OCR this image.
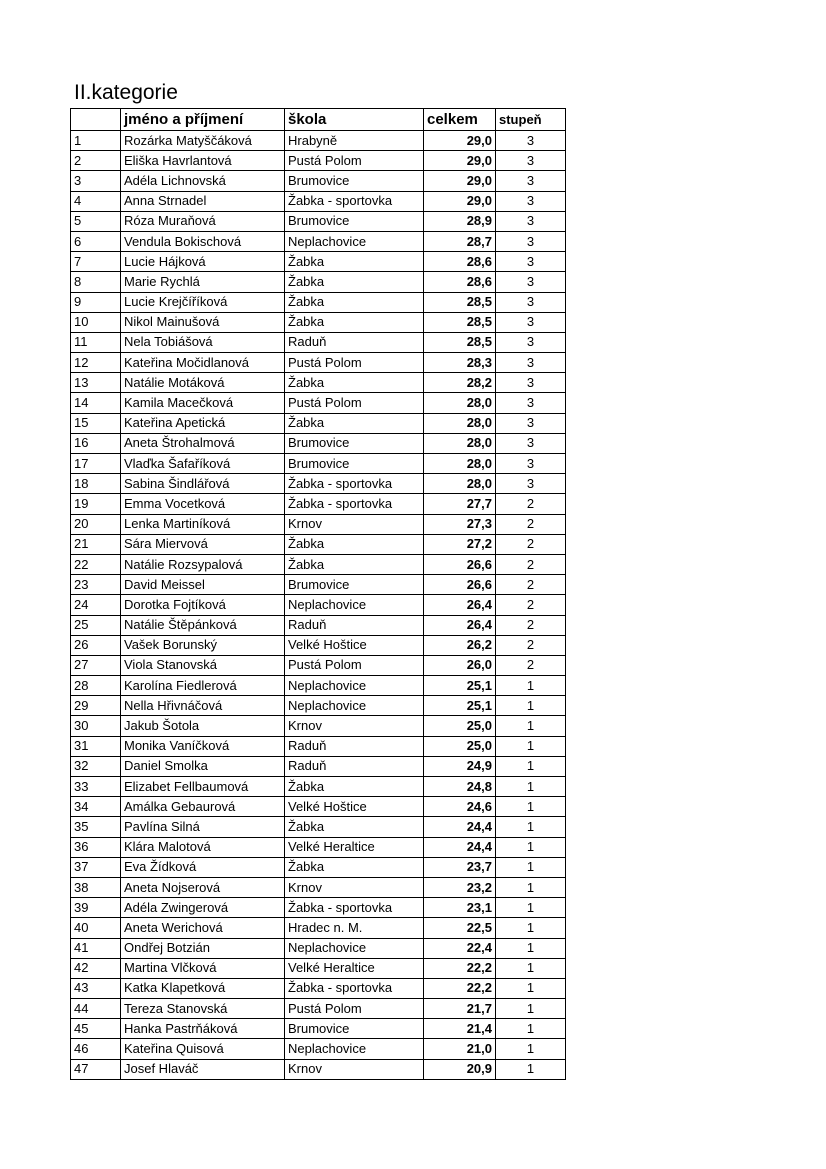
II.kategorie
	jméno a příjmení	škola	celkem	stupeň
1	Rozárka Matyščáková	Hrabyně	29,0	3
2	Eliška Havrlantová	Pustá Polom	29,0	3
3	Adéla Lichnovská	Brumovice	29,0	3
4	Anna Strnadel	Žabka - sportovka	29,0	3
5	Róza Muraňová	Brumovice	28,9	3
6	Vendula Bokischová	Neplachovice	28,7	3
7	Lucie Hájková	Žabka	28,6	3
8	Marie Rychlá	Žabka	28,6	3
9	Lucie Krejčíříková	Žabka	28,5	3
10	Nikol Mainušová	Žabka	28,5	3
11	Nela Tobiášová	Raduň	28,5	3
12	Kateřina Močidlanová	Pustá Polom	28,3	3
13	Natálie Motáková	Žabka	28,2	3
14	Kamila Macečková	Pustá Polom	28,0	3
15	Kateřina Apetická	Žabka	28,0	3
16	Aneta Štrohalmová	Brumovice	28,0	3
17	Vlaďka Šafaříková	Brumovice	28,0	3
18	Sabina Šindlářová	Žabka - sportovka	28,0	3
19	Emma Vocetková	Žabka - sportovka	27,7	2
20	Lenka Martiníková	Krnov	27,3	2
21	Sára Miervová	Žabka	27,2	2
22	Natálie Rozsypalová	Žabka	26,6	2
23	David Meissel	Brumovice	26,6	2
24	Dorotka Fojtíková	Neplachovice	26,4	2
25	Natálie Štěpánková	Raduň	26,4	2
26	Vašek Borunský	Velké Hoštice	26,2	2
27	Viola Stanovská	Pustá Polom	26,0	2
28	Karolína Fiedlerová	Neplachovice	25,1	1
29	Nella Hřivnáčová	Neplachovice	25,1	1
30	Jakub Šotola	Krnov	25,0	1
31	Monika Vaníčková	Raduň	25,0	1
32	Daniel Smolka	Raduň	24,9	1
33	Elizabet Fellbaumová	Žabka	24,8	1
34	Amálka Gebaurová	Velké Hoštice	24,6	1
35	Pavlína Silná	Žabka	24,4	1
36	Klára Malotová	Velké Heraltice	24,4	1
37	Eva Žídková	Žabka	23,7	1
38	Aneta Nojserová	Krnov	23,2	1
39	Adéla Zwingerová	Žabka - sportovka	23,1	1
40	Aneta Werichová	Hradec n. M.	22,5	1
41	Ondřej Botzián	Neplachovice	22,4	1
42	Martina Vlčková	Velké Heraltice	22,2	1
43	Katka Klapetková	Žabka - sportovka	22,2	1
44	Tereza Stanovská	Pustá Polom	21,7	1
45	Hanka Pastrňáková	Brumovice	21,4	1
46	Kateřina Quisová	Neplachovice	21,0	1
47	Josef Hlaváč	Krnov	20,9	1
